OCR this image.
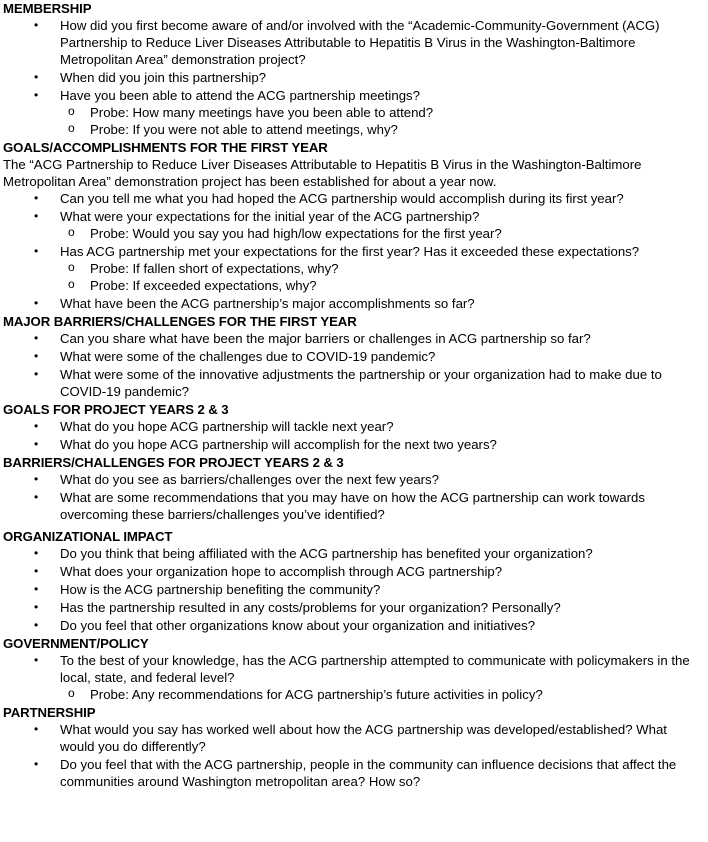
MEMBERSHIP
• How did you first become aware of and/or involved with the “Academic-Community-Government (ACG) Partnership to Reduce Liver Diseases Attributable to Hepatitis B Virus in the Washington-Baltimore Metropolitan Area” demonstration project?
• When did you join this partnership?
• Have you been able to attend the ACG partnership meetings?
o Probe: How many meetings have you been able to attend?
o Probe: If you were not able to attend meetings, why?
GOALS/ACCOMPLISHMENTS FOR THE FIRST YEAR
The “ACG Partnership to Reduce Liver Diseases Attributable to Hepatitis B Virus in the Washington-Baltimore Metropolitan Area” demonstration project has been established for about a year now.
• Can you tell me what you had hoped the ACG partnership would accomplish during its first year?
• What were your expectations for the initial year of the ACG partnership?
o Probe: Would you say you had high/low expectations for the first year?
• Has ACG partnership met your expectations for the first year? Has it exceeded these expectations?
o Probe: If fallen short of expectations, why?
o Probe: If exceeded expectations, why?
• What have been the ACG partnership’s major accomplishments so far?
MAJOR BARRIERS/CHALLENGES FOR THE FIRST YEAR
• Can you share what have been the major barriers or challenges in ACG partnership so far?
• What were some of the challenges due to COVID-19 pandemic?
• What were some of the innovative adjustments the partnership or your organization had to make due to COVID-19 pandemic?
GOALS FOR PROJECT YEARS 2 & 3
• What do you hope ACG partnership will tackle next year?
• What do you hope ACG partnership will accomplish for the next two years?
BARRIERS/CHALLENGES FOR PROJECT YEARS 2 & 3
• What do you see as barriers/challenges over the next few years?
• What are some recommendations that you may have on how the ACG partnership can work towards overcoming these barriers/challenges you’ve identified?
ORGANIZATIONAL IMPACT
• Do you think that being affiliated with the ACG partnership has benefited your organization?
• What does your organization hope to accomplish through ACG partnership?
• How is the ACG partnership benefiting the community?
• Has the partnership resulted in any costs/problems for your organization? Personally?
• Do you feel that other organizations know about your organization and initiatives?
GOVERNMENT/POLICY
• To the best of your knowledge, has the ACG partnership attempted to communicate with policymakers in the local, state, and federal level?
o Probe: Any recommendations for ACG partnership’s future activities in policy?
PARTNERSHIP
• What would you say has worked well about how the ACG partnership was developed/established? What would you do differently?
• Do you feel that with the ACG partnership, people in the community can influence decisions that affect the communities around Washington metropolitan area? How so?
